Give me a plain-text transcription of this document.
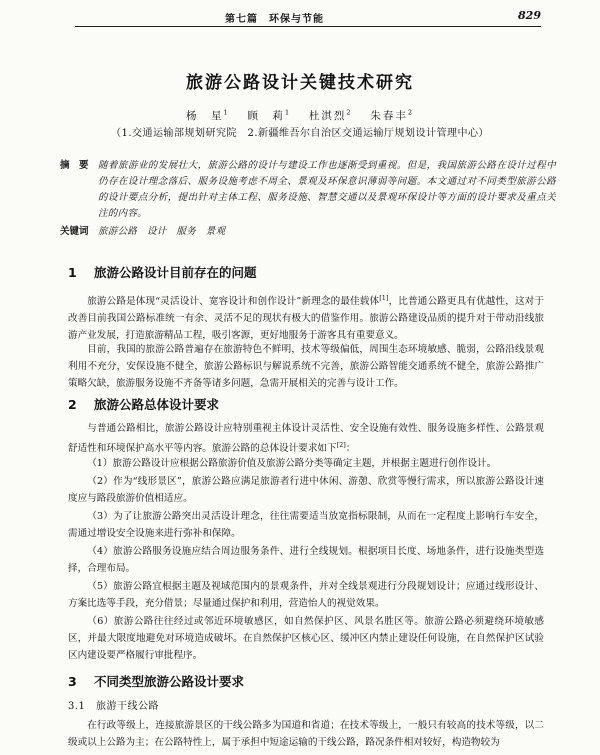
第七篇　环保与节能	829
旅游公路设计关键技术研究
杨　星$^1$　 顾　莉$^1$　 杜淇烈$^2$　 朱春丰$^2$
（1.交通运输部规划研究院　2.新疆维吾尔自治区交通运输厅规划设计管理中心）
摘　要 随着旅游业的发展壮大，旅游公路的设计与建设工作也逐渐受到重视。但是，我国旅游公路在设计过程中仍存在设计理念落后、服务设施考虑不周全、景观及环保意识薄弱等问题。本文通过对不同类型旅游公路的设计要点分析，提出针对主体工程、服务设施、智慧交通以及景观环保设计等方面的设计要求及重点关注的内容。
关键词 旅游公路　设计　服务　景观
1 旅游公路设计目前存在的问题
旅游公路是体现“灵活设计、宽容设计和创作设计”新理念的最佳载体[1]，比普通公路更具有优越性，这对于改善目前我国公路标准统一有余、灵活不足的现状有极大的借鉴作用。旅游公路建设品质的提升对于带动沿线旅游产业发展，打造旅游精品工程，吸引客源，更好地服务于游客具有重要意义。
目前，我国的旅游公路普遍存在旅游特色不鲜明，技术等级偏低，周围生态环境敏感、脆弱，公路沿线景观利用不充分，安保设施不健全，旅游公路标识与解说系统不完善，旅游公路智能交通系统不健全，旅游公路推广策略欠缺，旅游服务设施不齐备等诸多问题，急需开展相关的完善与设计工作。
2 旅游公路总体设计要求
与普通公路相比，旅游公路设计应特别重视主体设计灵活性、安全设施有效性、服务设施多样性、公路景观舒适性和环境保护高水平等内容。旅游公路的总体设计要求如下[2]：
（1）旅游公路设计应根据公路旅游价值及旅游公路分类等确定主题，并根据主题进行创作设计。
（2）作为“线形景区”，旅游公路应满足旅游者行进中休闲、游憩、欣赏等慢行需求，所以旅游公路设计速度应与路段旅游价值相适应。
（3）为了让旅游公路突出灵活设计理念，往往需要适当放宽指标限制，从而在一定程度上影响行车安全，需通过增设安全设施来进行弥补和保障。
（4）旅游公路服务设施应结合周边服务条件、进行全线规划。根据项目长度、场地条件，进行设施类型选择，合理布局。
（5）旅游公路宜根据主题及视域范围内的景观条件，并对全线景观进行分段规划设计；应通过线形设计、方案比选等手段，充分借景；尽量通过保护和利用，营造怡人的视觉效果。
（6）旅游公路往往经过或邻近环境敏感区，如自然保护区、风景名胜区等。旅游公路必须避绕环境敏感区，并最大限度地避免对环境造成破坏。在自然保护区核心区、缓冲区内禁止建设任何设施，在自然保护区试验区内建设要严格履行审批程序。
3 不同类型旅游公路设计要求
3.1 旅游干线公路
在行政等级上，连接旅游景区的干线公路多为国道和省道；在技术等级上，一般只有较高的技术等级，以二级或以上公路为主；在公路特性上，属于承担中短途运输的干线公路，路况条件相对较好，构造物较为
